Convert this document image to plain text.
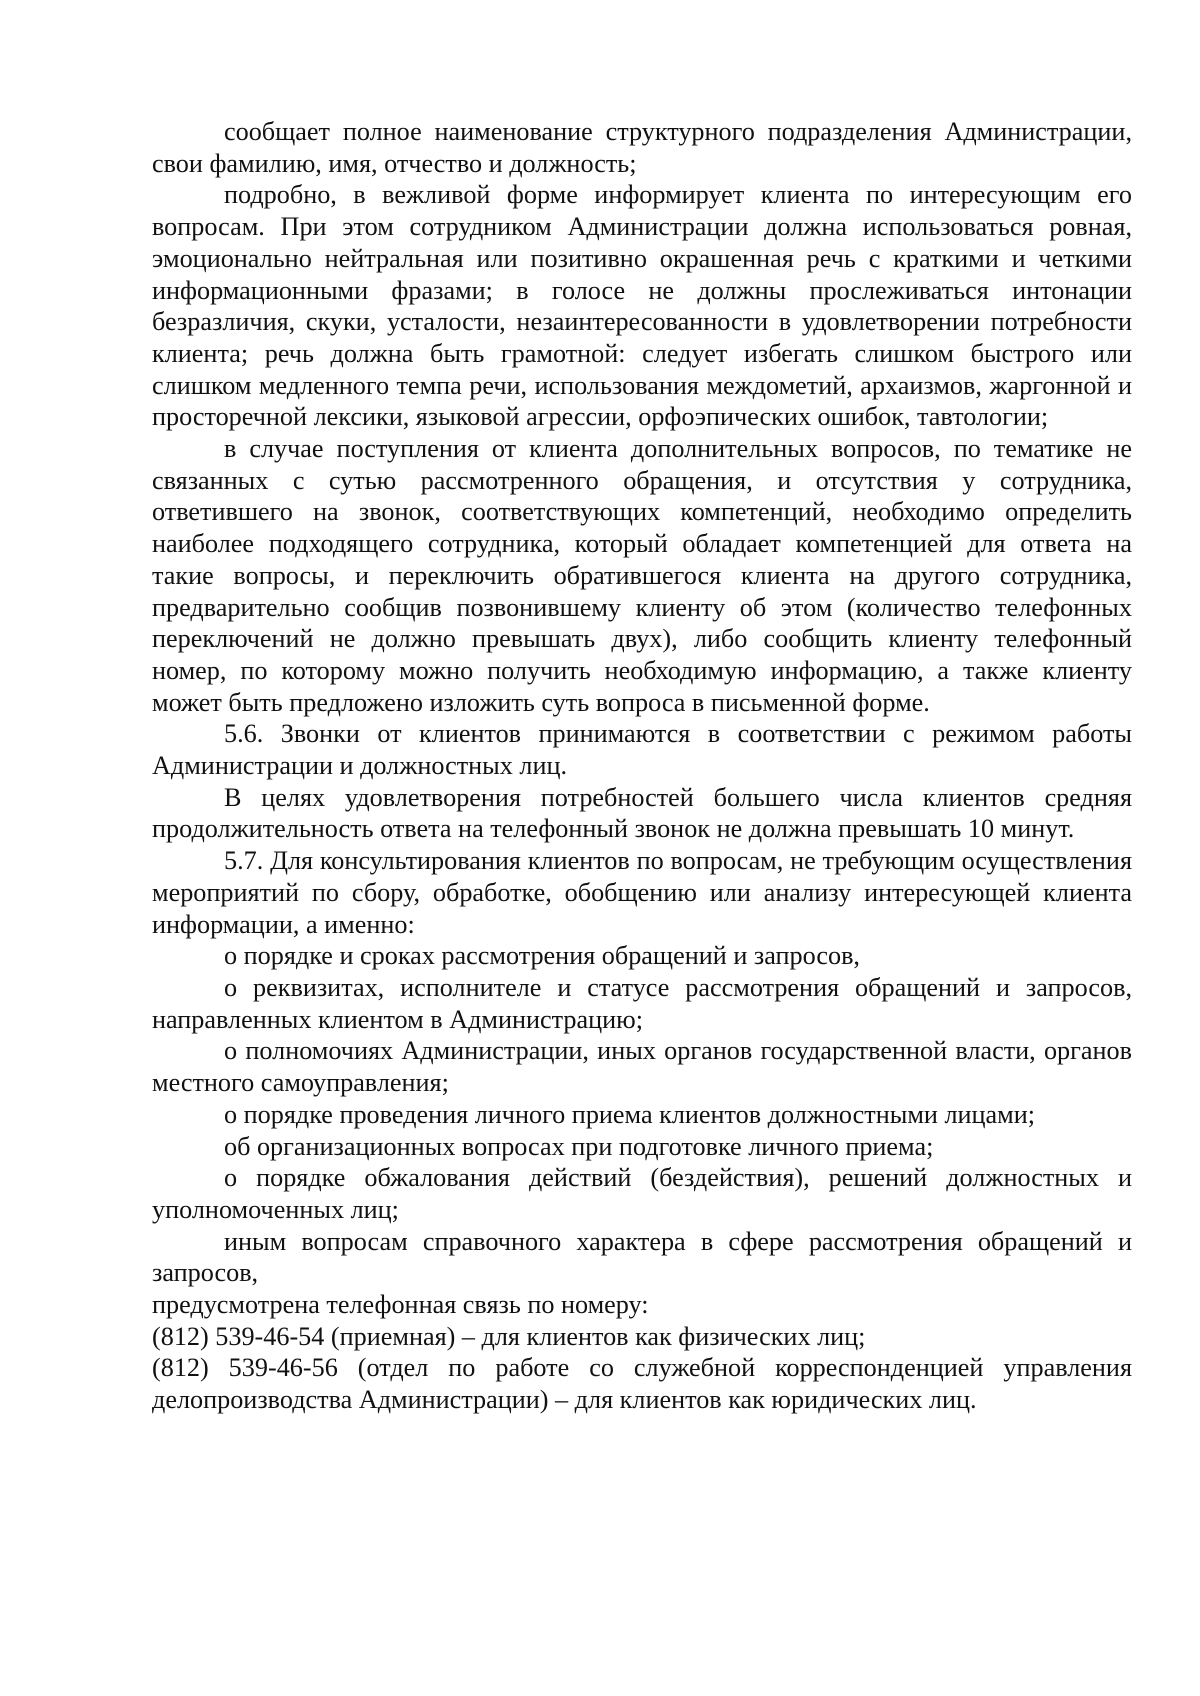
сообщает полное наименование структурного подразделения Администрации, свои фамилию, имя, отчество и должность;

подробно, в вежливой форме информирует клиента по интересующим его вопросам. При этом сотрудником Администрации должна использоваться ровная, эмоционально нейтральная или позитивно окрашенная речь с краткими и четкими информационными фразами; в голосе не должны прослеживаться интонации безразличия, скуки, усталости, незаинтересованности в удовлетворении потребности клиента; речь должна быть грамотной: следует избегать слишком быстрого или слишком медленного темпа речи, использования междометий, архаизмов, жаргонной и просторечной лексики, языковой агрессии, орфоэпических ошибок, тавтологии;

в случае поступления от клиента дополнительных вопросов, по тематике не связанных с сутью рассмотренного обращения, и отсутствия у сотрудника, ответившего на звонок, соответствующих компетенций, необходимо определить наиболее подходящего сотрудника, который обладает компетенцией для ответа на такие вопросы, и переключить обратившегося клиента на другого сотрудника, предварительно сообщив позвонившему клиенту об этом (количество телефонных переключений не должно превышать двух), либо сообщить клиенту телефонный номер, по которому можно получить необходимую информацию, а также клиенту может быть предложено изложить суть вопроса в письменной форме.

5.6. Звонки от клиентов принимаются в соответствии с режимом работы Администрации и должностных лиц.

В целях удовлетворения потребностей большего числа клиентов средняя продолжительность ответа на телефонный звонок не должна превышать 10 минут.

5.7. Для консультирования клиентов по вопросам, не требующим осуществления мероприятий по сбору, обработке, обобщению или анализу интересующей клиента информации, а именно:

о порядке и сроках рассмотрения обращений и запросов,

о реквизитах, исполнителе и статусе рассмотрения обращений и запросов, направленных клиентом в Администрацию;

о полномочиях Администрации, иных органов государственной власти, органов местного самоуправления;

о порядке проведения личного приема клиентов должностными лицами;

об организационных вопросах при подготовке личного приема;

о порядке обжалования действий (бездействия), решений должностных и уполномоченных лиц;

иным вопросам справочного характера в сфере рассмотрения обращений и запросов,

предусмотрена телефонная связь по номеру:

(812) 539-46-54 (приемная) – для клиентов как физических лиц;

(812) 539-46-56 (отдел по работе со служебной корреспонденцией управления делопроизводства Администрации) – для клиентов как юридических лиц.
